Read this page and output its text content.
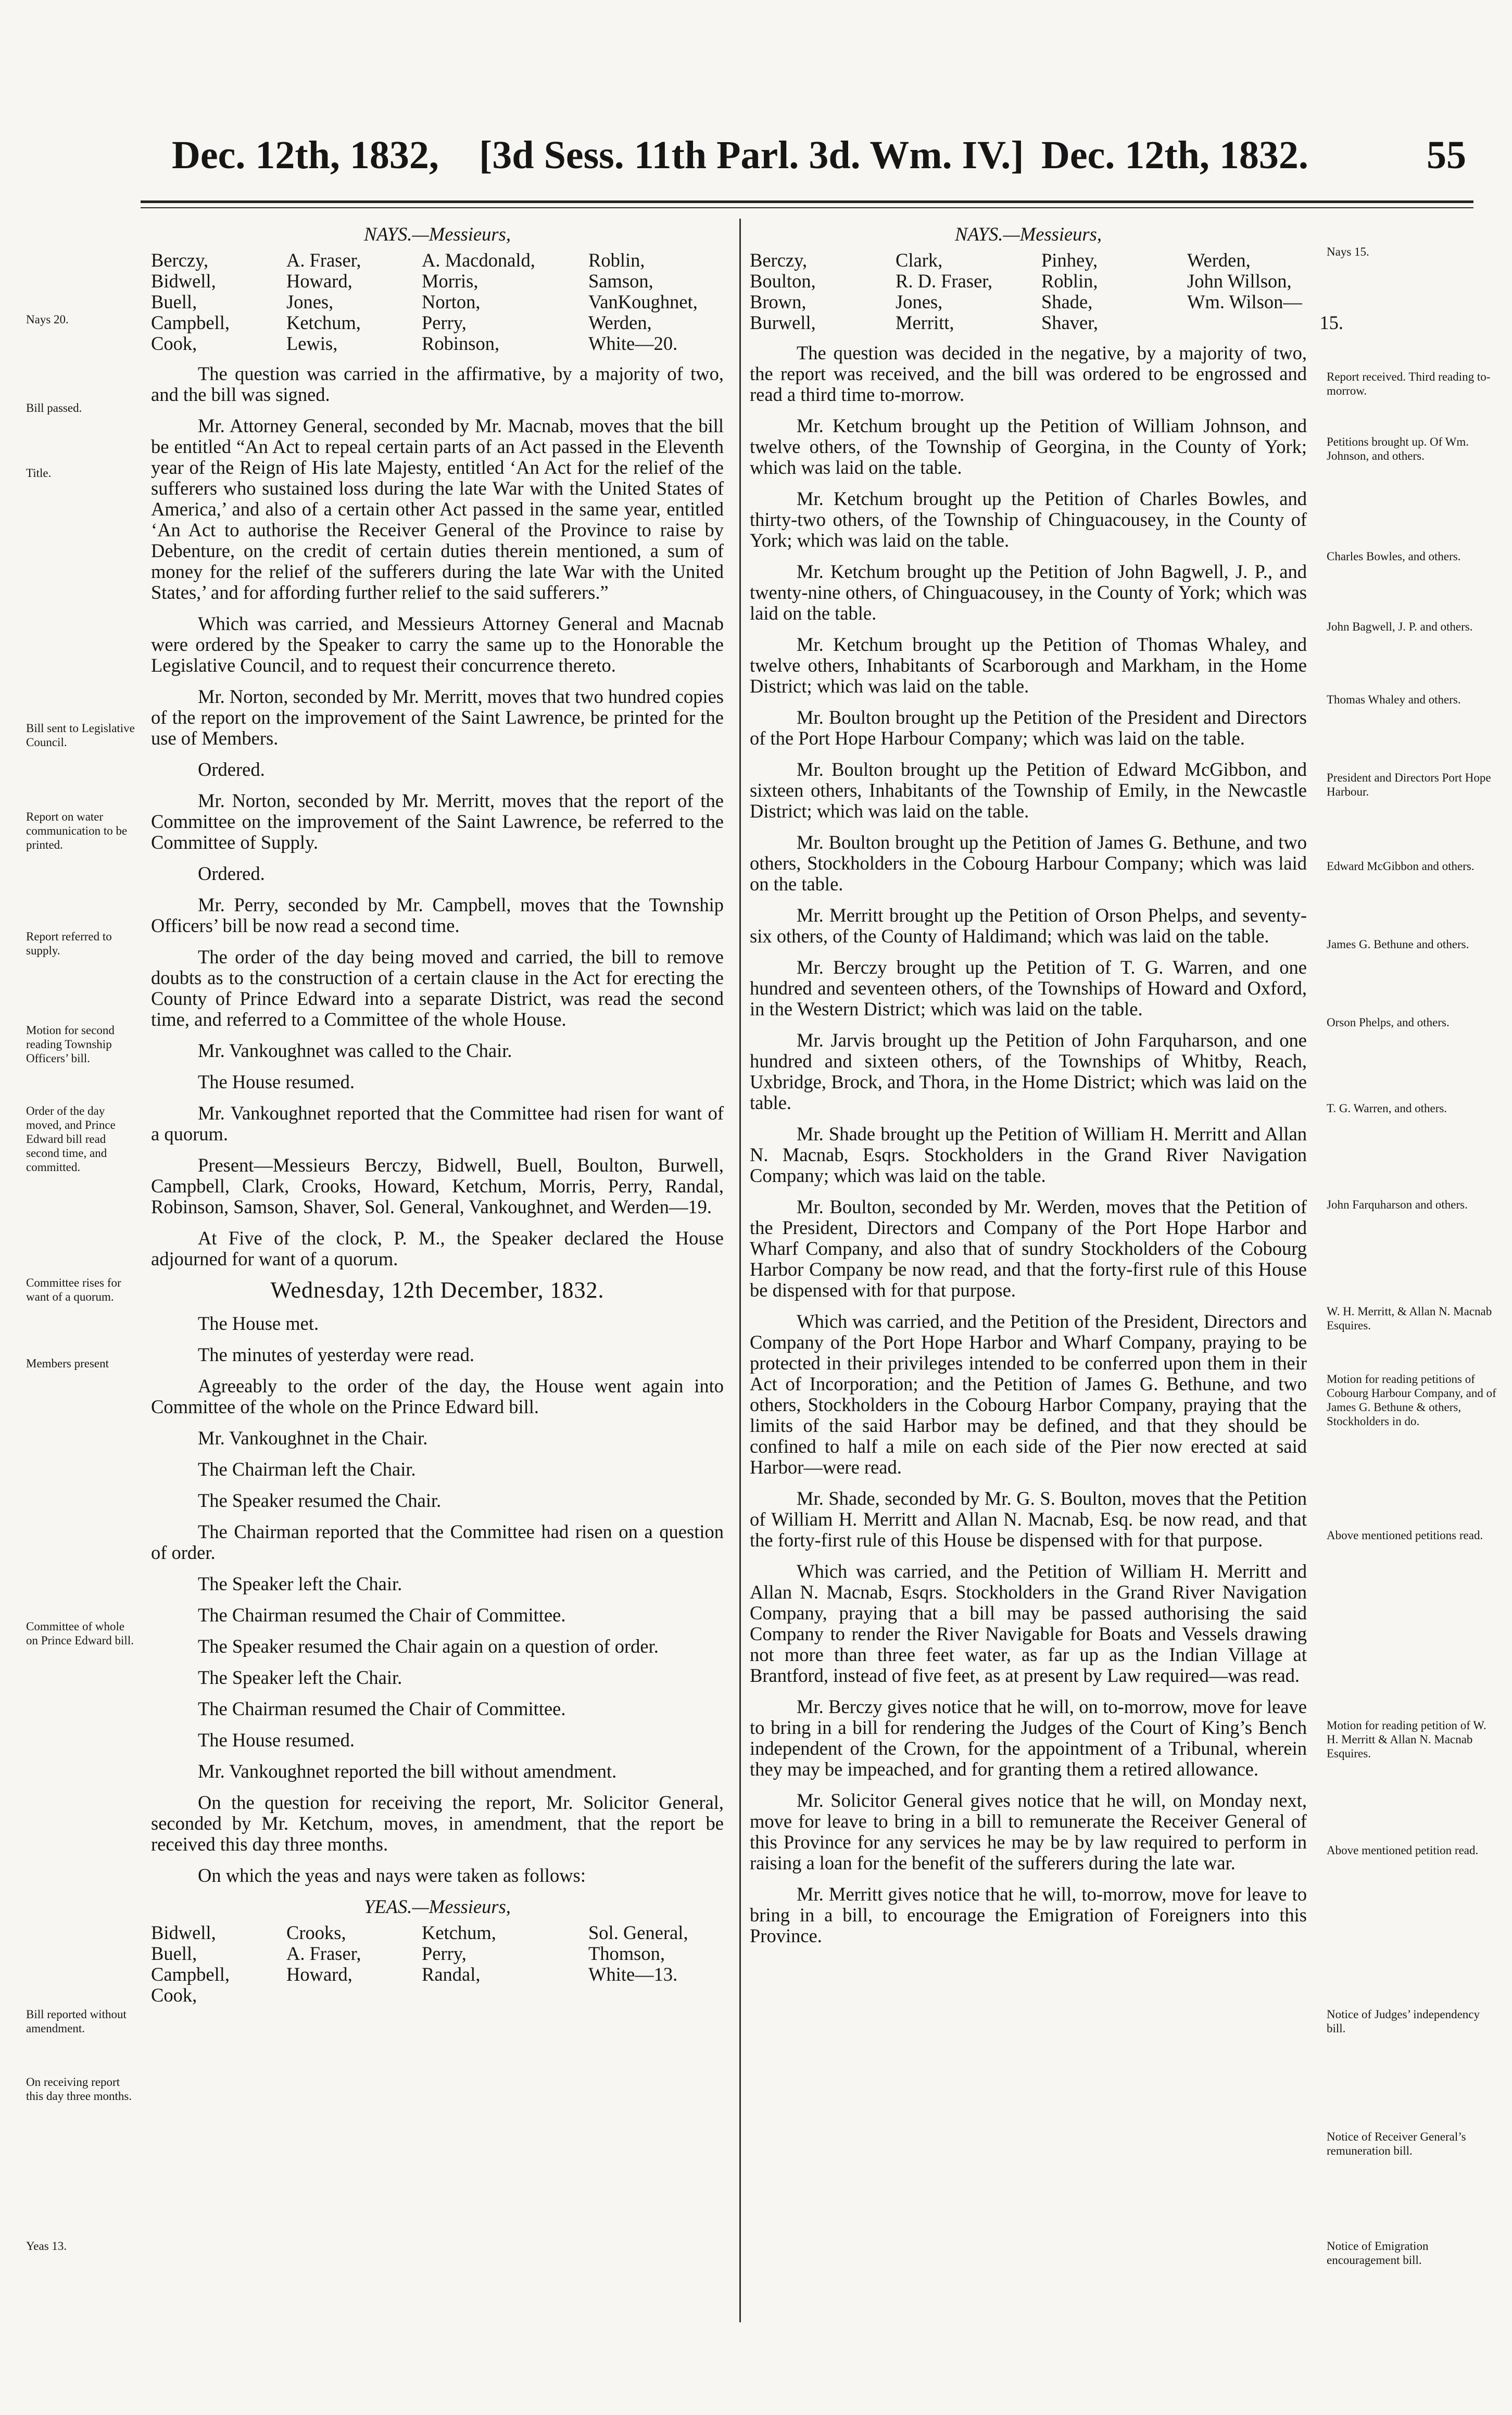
Dec. 12th, 1832, [3d Sess. 11th Parl. 3d. Wm. IV.] Dec. 12th, 1832.	55
Nays 20.
Bill passed.
Title.
Bill sent to Legislative Council.
Report on water communication to be printed.
Report referred to supply.
Motion for second reading Township Officers’ bill.
Order of the day moved, and Prince Edward bill read second time, and committed.
Committee rises for want of a quorum.
Members present
Committee of whole on Prince Edward bill.
Bill reported without amendment.
On receiving report this day three months.
Yeas 13.
NAYS.—Messieurs,
Berczy,	A. Fraser,	A. Macdonald,	Roblin,
Bidwell,	Howard,	Morris,	Samson,
Buell,	Jones,	Norton,	VanKoughnet,
Campbell,	Ketchum,	Perry,	Werden,
Cook,	Lewis,	Robinson,	White—20.

The question was carried in the affirmative, by a majority of two, and the bill was signed.

Mr. Attorney General, seconded by Mr. Macnab, moves that the bill be entitled “An Act to repeal certain parts of an Act passed in the Eleventh year of the Reign of His late Majesty, entitled ‘An Act for the relief of the sufferers who sustained loss during the late War with the United States of America,’ and also of a certain other Act passed in the same year, entitled ‘An Act to authorise the Receiver General of the Province to raise by Debenture, on the credit of certain duties therein mentioned, a sum of money for the relief of the sufferers during the late War with the United States,’ and for affording further relief to the said sufferers.”

Which was carried, and Messieurs Attorney General and Macnab were ordered by the Speaker to carry the same up to the Honorable the Legislative Council, and to request their concurrence thereto.

Mr. Norton, seconded by Mr. Merritt, moves that two hundred copies of the report on the improvement of the Saint Lawrence, be printed for the use of Members.

Ordered.

Mr. Norton, seconded by Mr. Merritt, moves that the report of the Committee on the improvement of the Saint Lawrence, be referred to the Committee of Supply.

Ordered.

Mr. Perry, seconded by Mr. Campbell, moves that the Township Officers’ bill be now read a second time.

The order of the day being moved and carried, the bill to remove doubts as to the construction of a certain clause in the Act for erecting the County of Prince Edward into a separate District, was read the second time, and referred to a Committee of the whole House.

Mr. Vankoughnet was called to the Chair.

The House resumed.

Mr. Vankoughnet reported that the Committee had risen for want of a quorum.

Present—Messieurs Berczy, Bidwell, Buell, Boulton, Burwell, Campbell, Clark, Crooks, Howard, Ketchum, Morris, Perry, Randal, Robinson, Samson, Shaver, Sol. General, Vankoughnet, and Werden—19.

At Five of the clock, P. M., the Speaker declared the House adjourned for want of a quorum.

Wednesday, 12th December, 1832.

The House met.

The minutes of yesterday were read.

Agreeably to the order of the day, the House went again into Committee of the whole on the Prince Edward bill.

Mr. Vankoughnet in the Chair.

The Chairman left the Chair.

The Speaker resumed the Chair.

The Chairman reported that the Committee had risen on a question of order.

The Speaker left the Chair.

The Chairman resumed the Chair of Committee.

The Speaker resumed the Chair again on a question of order.

The Speaker left the Chair.

The Chairman resumed the Chair of Committee.

The House resumed.

Mr. Vankoughnet reported the bill without amendment.

On the question for receiving the report, Mr. Solicitor General, seconded by Mr. Ketchum, moves, in amendment, that the report be received this day three months.

On which the yeas and nays were taken as follows:

YEAS.—Messieurs,
Bidwell,	Crooks,	Ketchum,	Sol. General,
Buell,	A. Fraser,	Perry,	Thomson,
Campbell,	Howard,	Randal,	White—13.
Cook,
NAYS.—Messieurs,
Berczy,	Clark,	Pinhey,	Werden,
Boulton,	R. D. Fraser,	Roblin,	John Willson,
Brown,	Jones,	Shade,	Wm. Wilson—
Burwell,	Merritt,	Shaver,	15.

The question was decided in the negative, by a majority of two, the report was received, and the bill was ordered to be engrossed and read a third time to-morrow.

Mr. Ketchum brought up the Petition of William Johnson, and twelve others, of the Township of Georgina, in the County of York; which was laid on the table.

Mr. Ketchum brought up the Petition of Charles Bowles, and thirty-two others, of the Township of Chinguacousey, in the County of York; which was laid on the table.

Mr. Ketchum brought up the Petition of John Bagwell, J. P., and twenty-nine others, of Chinguacousey, in the County of York; which was laid on the table.

Mr. Ketchum brought up the Petition of Thomas Whaley, and twelve others, Inhabitants of Scarborough and Markham, in the Home District; which was laid on the table.

Mr. Boulton brought up the Petition of the President and Directors of the Port Hope Harbour Company; which was laid on the table.

Mr. Boulton brought up the Petition of Edward McGibbon, and sixteen others, Inhabitants of the Township of Emily, in the Newcastle District; which was laid on the table.

Mr. Boulton brought up the Petition of James G. Bethune, and two others, Stockholders in the Cobourg Harbour Company; which was laid on the table.

Mr. Merritt brought up the Petition of Orson Phelps, and seventy-six others, of the County of Haldimand; which was laid on the table.

Mr. Berczy brought up the Petition of T. G. Warren, and one hundred and seventeen others, of the Townships of Howard and Oxford, in the Western District; which was laid on the table.

Mr. Jarvis brought up the Petition of John Farquharson, and one hundred and sixteen others, of the Townships of Whitby, Reach, Uxbridge, Brock, and Thora, in the Home District; which was laid on the table.

Mr. Shade brought up the Petition of William H. Merritt and Allan N. Macnab, Esqrs. Stockholders in the Grand River Navigation Company; which was laid on the table.

Mr. Boulton, seconded by Mr. Werden, moves that the Petition of the President, Directors and Company of the Port Hope Harbor and Wharf Company, and also that of sundry Stockholders of the Cobourg Harbor Company be now read, and that the forty-first rule of this House be dispensed with for that purpose.

Which was carried, and the Petition of the President, Directors and Company of the Port Hope Harbor and Wharf Company, praying to be protected in their privileges intended to be conferred upon them in their Act of Incorporation; and the Petition of James G. Bethune, and two others, Stockholders in the Cobourg Harbor Company, praying that the limits of the said Harbor may be defined, and that they should be confined to half a mile on each side of the Pier now erected at said Harbor—were read.

Mr. Shade, seconded by Mr. G. S. Boulton, moves that the Petition of William H. Merritt and Allan N. Macnab, Esq. be now read, and that the forty-first rule of this House be dispensed with for that purpose.

Which was carried, and the Petition of William H. Merritt and Allan N. Macnab, Esqrs. Stockholders in the Grand River Navigation Company, praying that a bill may be passed authorising the said Company to render the River Navigable for Boats and Vessels drawing not more than three feet water, as far up as the Indian Village at Brantford, instead of five feet, as at present by Law required—was read.

Mr. Berczy gives notice that he will, on to-morrow, move for leave to bring in a bill for rendering the Judges of the Court of King’s Bench independent of the Crown, for the appointment of a Tribunal, wherein they may be impeached, and for granting them a retired allowance.

Mr. Solicitor General gives notice that he will, on Monday next, move for leave to bring in a bill to remunerate the Receiver General of this Province for any services he may be by law required to perform in raising a loan for the benefit of the sufferers during the late war.

Mr. Merritt gives notice that he will, to-morrow, move for leave to bring in a bill, to encourage the Emigration of Foreigners into this Province.

Nays 15.
Report received. Third reading to-morrow.
Petitions brought up. Of Wm. Johnson, and others.
Charles Bowles, and others.
John Bagwell, J. P. and others.
Thomas Whaley and others.
President and Directors Port Hope Harbour.
Edward McGibbon and others.
James G. Bethune and others.
Orson Phelps, and others.
T. G. Warren, and others.
John Farquharson and others.
W. H. Merritt, & Allan N. Macnab Esquires.
Motion for reading petitions of Cobourg Harbour Company, and of James G. Bethune & others, Stockholders in do.
Above mentioned petitions read.
Motion for reading petition of W. H. Merritt & Allan N. Macnab Esquires.
Above mentioned petition read.
Notice of Judges’ independency bill.
Notice of Receiver General’s remuneration bill.
Notice of Emigration encouragement bill.
